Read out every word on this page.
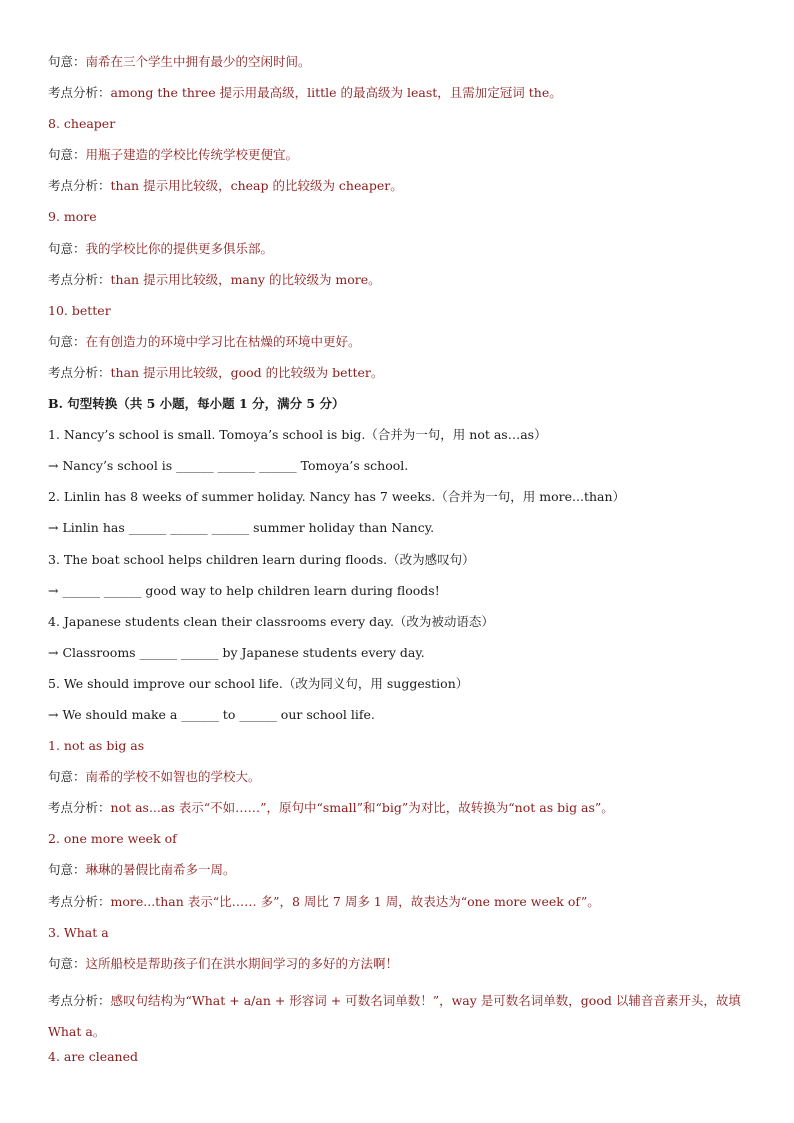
句意：南希在三个学生中拥有最少的空闲时间。
考点分析：among the three 提示用最高级，little 的最高级为 least，且需加定冠词 the。
8. cheaper
句意：用瓶子建造的学校比传统学校更便宜。
考点分析：than 提示用比较级，cheap 的比较级为 cheaper。
9. more
句意：我的学校比你的提供更多俱乐部。
考点分析：than 提示用比较级，many 的比较级为 more。
10. better
句意：在有创造力的环境中学习比在枯燥的环境中更好。
考点分析：than 提示用比较级，good 的比较级为 better。
B. 句型转换（共 5 小题，每小题 1 分，满分 5 分）
1. Nancy’s school is small. Tomoya’s school is big.（合并为一句，用 not as…as）
→ Nancy’s school is ______ ______ ______ Tomoya’s school.
2. Linlin has 8 weeks of summer holiday. Nancy has 7 weeks.（合并为一句，用 more...than）
→ Linlin has ______ ______ ______ summer holiday than Nancy.
3. The boat school helps children learn during floods.（改为感叹句）
→ ______ ______ good way to help children learn during floods!
4. Japanese students clean their classrooms every day.（改为被动语态）
→ Classrooms ______ ______ by Japanese students every day.
5. We should improve our school life.（改为同义句，用 suggestion）
→ We should make a ______ to ______ our school life.
1. not as big as
句意：南希的学校不如智也的学校大。
考点分析：not as...as 表示“不如……”，原句中“small”和“big”为对比，故转换为“not as big as”。
2. one more week of
句意：琳琳的暑假比南希多一周。
考点分析：more...than 表示“比…… 多”，8 周比 7 周多 1 周，故表达为“one more week of”。
3. What a
句意：这所船校是帮助孩子们在洪水期间学习的多好的方法啊！
考点分析：感叹句结构为“What + a/an + 形容词 + 可数名词单数！”，way 是可数名词单数，good 以辅音音素开头，故填 What a。
4. are cleaned
